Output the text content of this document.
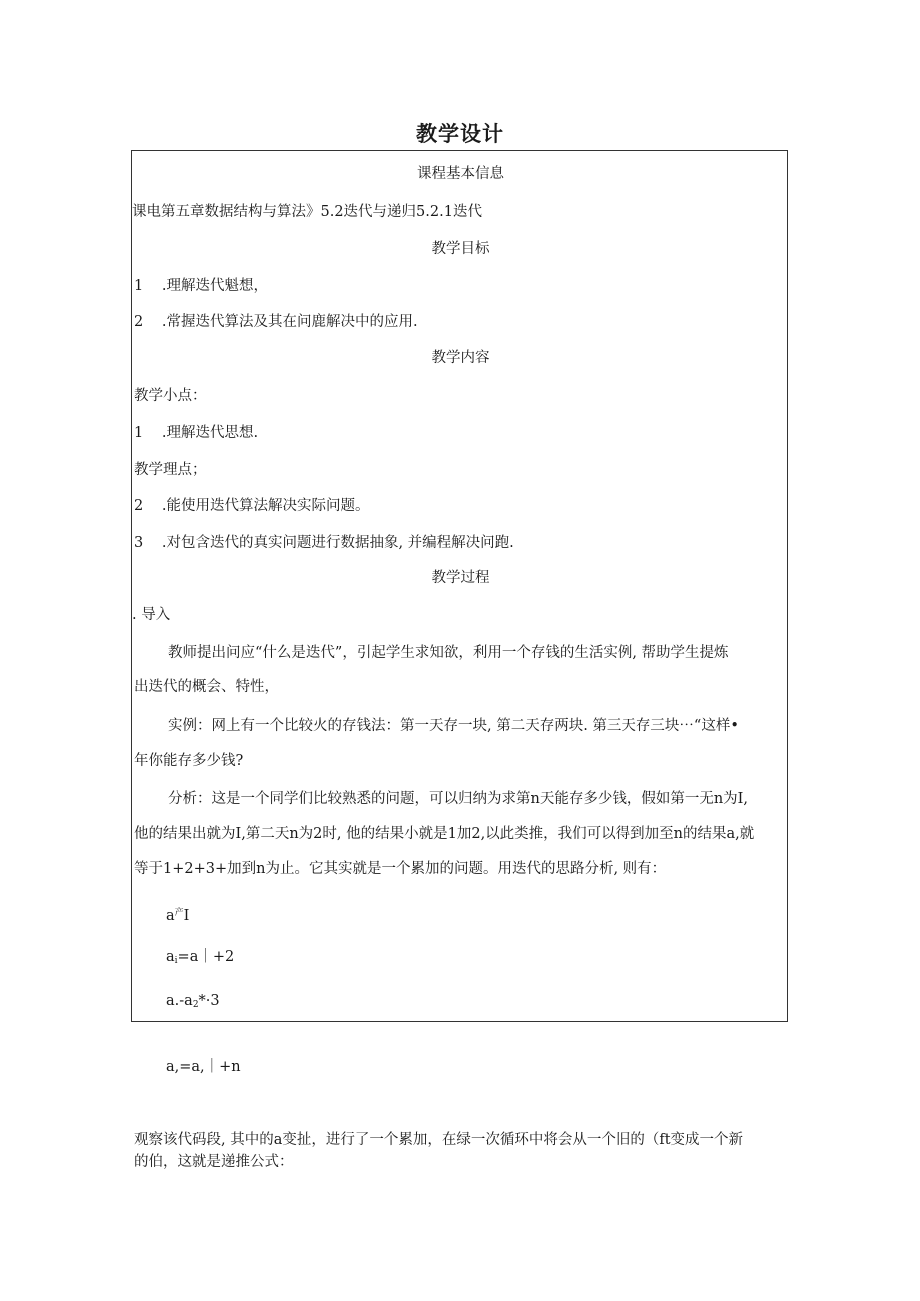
教学设计
课程基本信息
课电第五章数据结构与算法》5.2迭代与递归5.2.1迭代
教学目标
1 .理解迭代魁想，
2 .常握迭代算法及其在问鹿解决中的应用.
教学内容
教学小点：
1 .理解迭代思想.
教学理点；
2 .能使用迭代算法解决实际问题。
3 .对包含迭代的真实问题进行数据抽象, 并编程解决问跑.
教学过程
. 导入
教师提出问应“什么是迭代”，引起学生求知欲，利用一个存钱的生活实例, 帮助学生提炼
出迭代的概会、特性，
实例：网上有一个比较火的存钱法：第一天存一块, 第二天存两块. 第三天存三块⋯“这样•
年你能存多少钱?
分析：这是一个同学们比较熟悉的问题，可以归纳为求第n天能存多少钱，假如第一无n为I,
他的结果出就为I,第二天n为2时, 他的结果小就是1加2,以此类推，我们可以得到加至n的结果a,就
等于1+2+3+加到n为止。它其实就是一个累加的问题。用迭代的思路分析, 则有：
$a^产I$
$a_i=a|+2$
$a.-a_2*\cdot 3$
a,=a,｜+n
观察该代码段, 其中的a变扯，进行了一个累加，在绿一次循环中将会从一个旧的（ft变成一个新
的伯，这就是递推公式：
